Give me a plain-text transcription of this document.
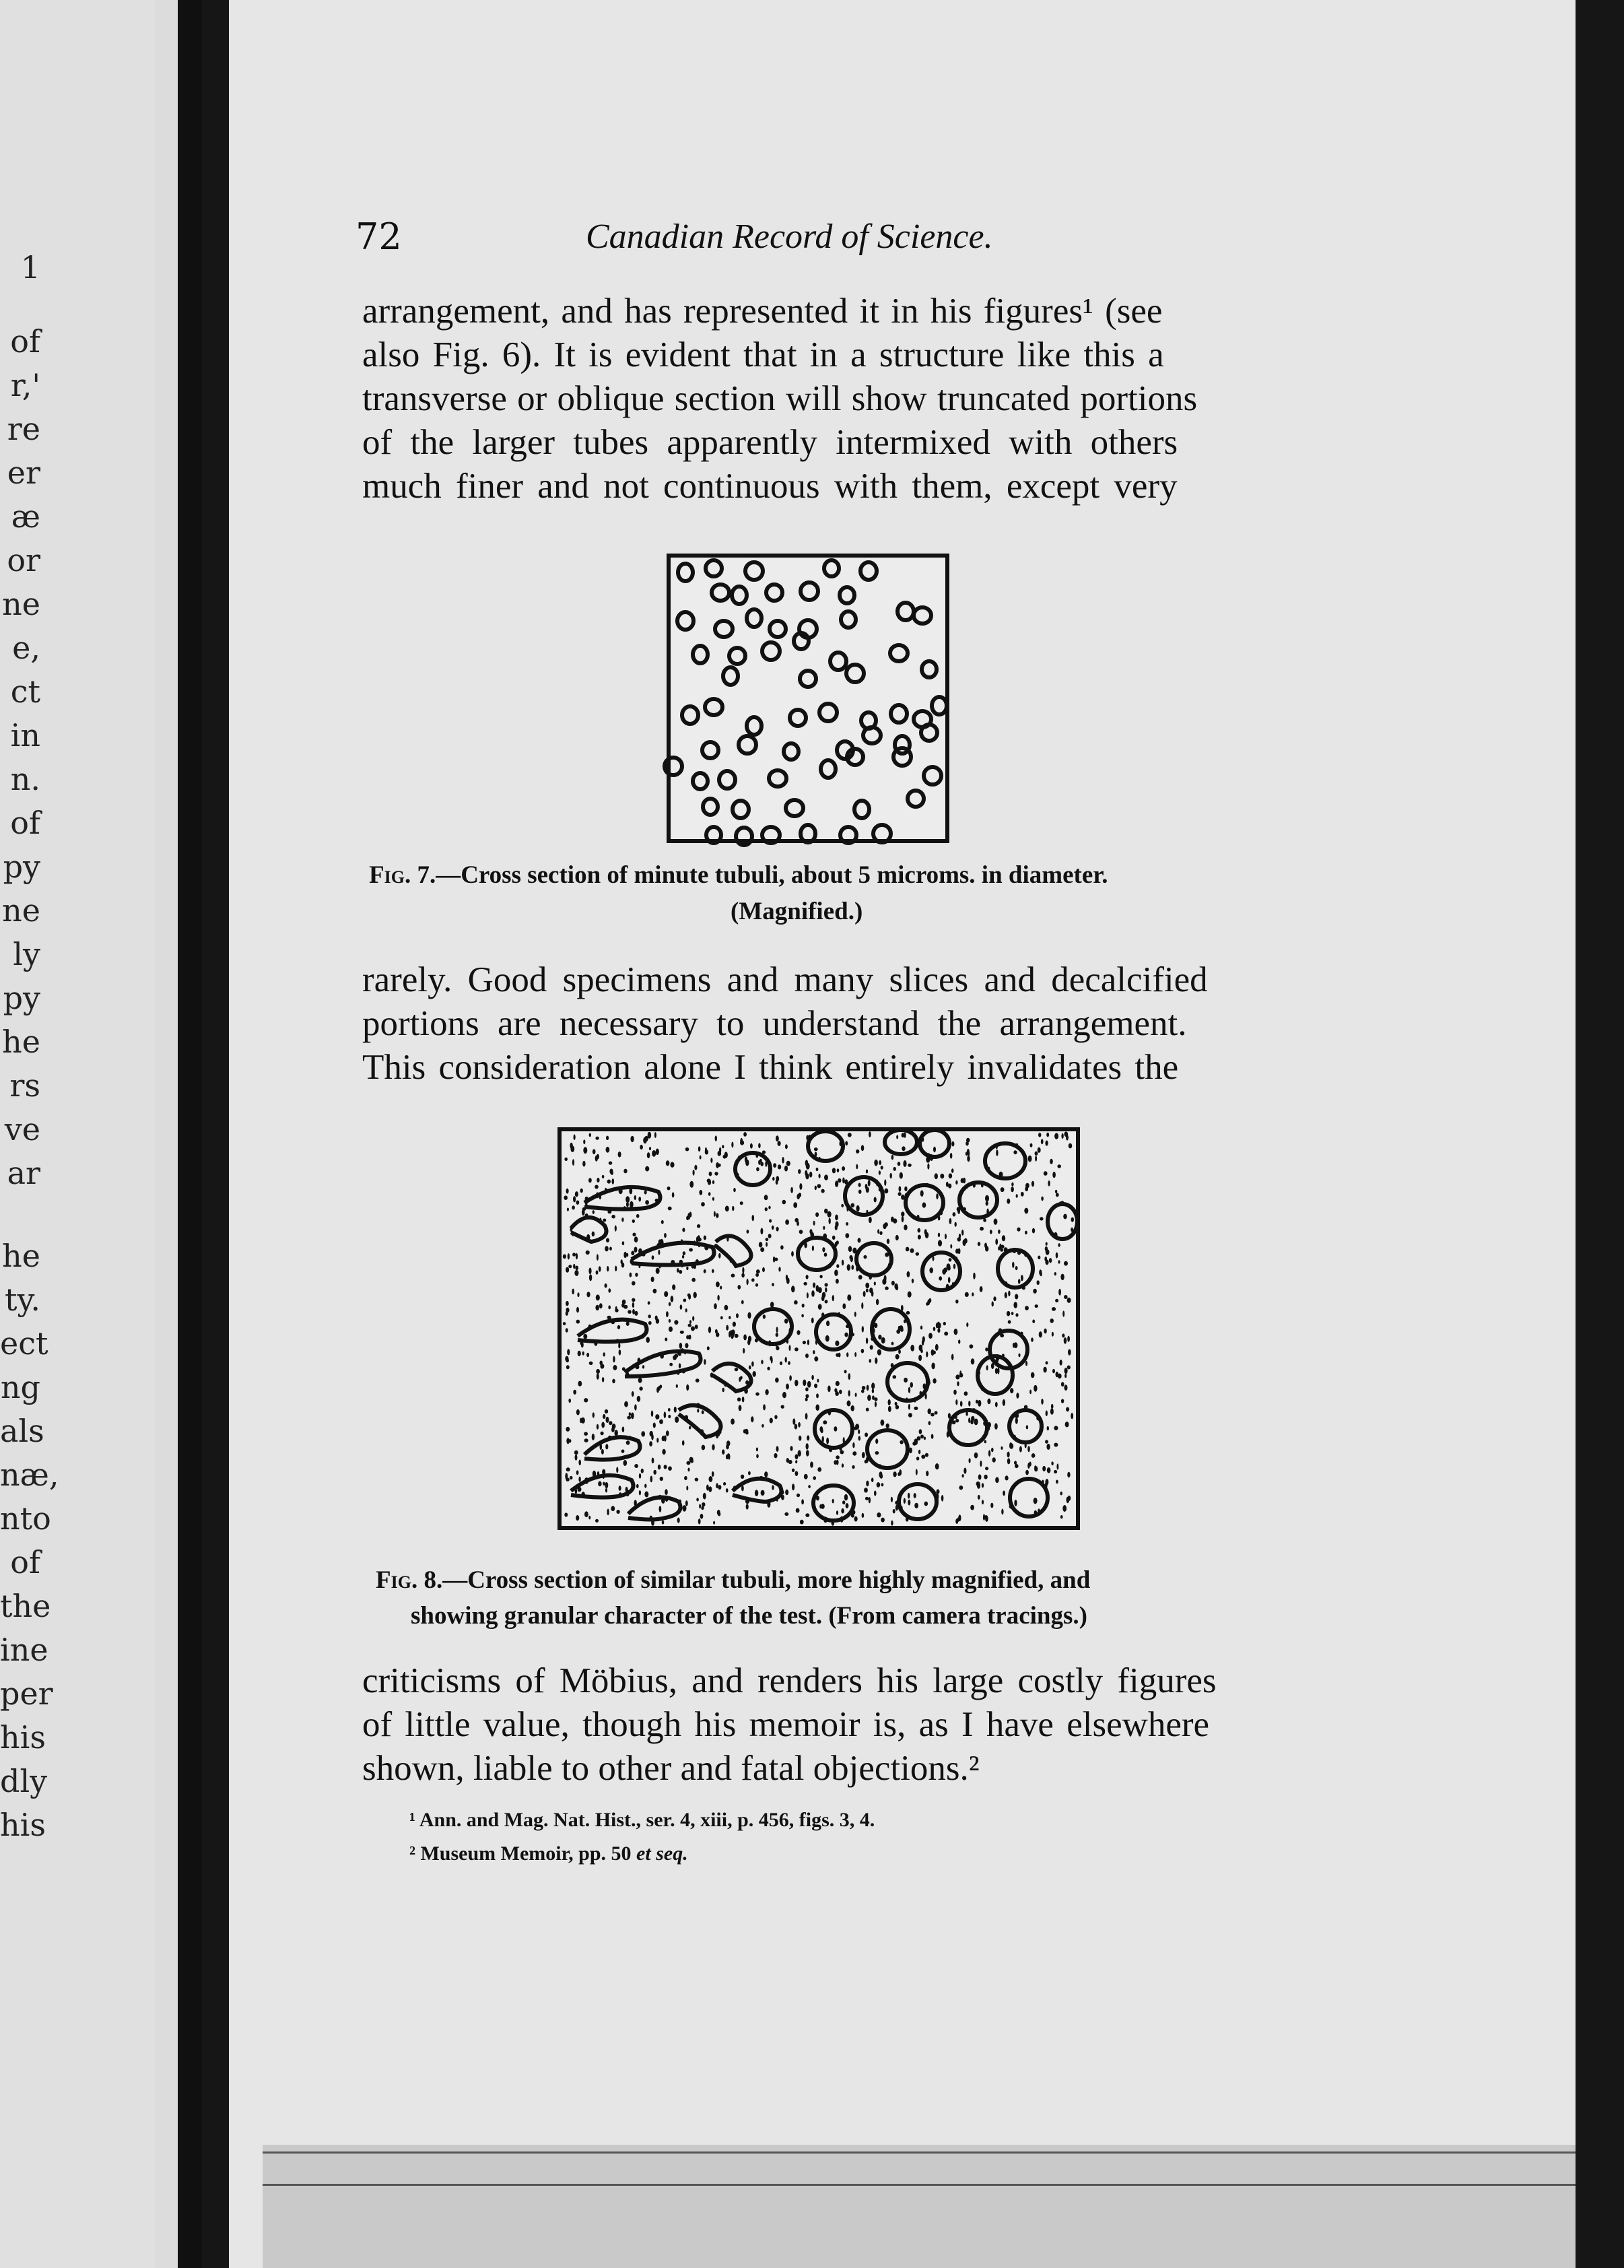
1
of
r,'
re
er
æ
or
ne
e,
ct
in
n.
of
py
ne
ly
py
he
rs
ve
ar
he
ty.
ect
ng
als
næ,
nto
of
the
ine
per
his
dly
his
72	Canadian Record of Science.
arrangement, and has represented it in his figures¹ (see
also Fig. 6). It is evident that in a structure like this a
transverse or oblique section will show truncated portions
of the larger tubes apparently intermixed with others
much finer and not continuous with them, except very
Fig. 7.—Cross section of minute tubuli, about 5 microms. in diameter.
(Magnified.)
rarely. Good specimens and many slices and decalcified
portions are necessary to understand the arrangement.
This consideration alone I think entirely invalidates the
Fig. 8.—Cross section of similar tubuli, more highly magnified, and
showing granular character of the test. (From camera tracings.)
criticisms of Möbius, and renders his large costly figures
of little value, though his memoir is, as I have elsewhere
shown, liable to other and fatal objections.²
¹ Ann. and Mag. Nat. Hist., ser. 4, xiii, p. 456, figs. 3, 4.
² Museum Memoir, pp. 50 et seq.
